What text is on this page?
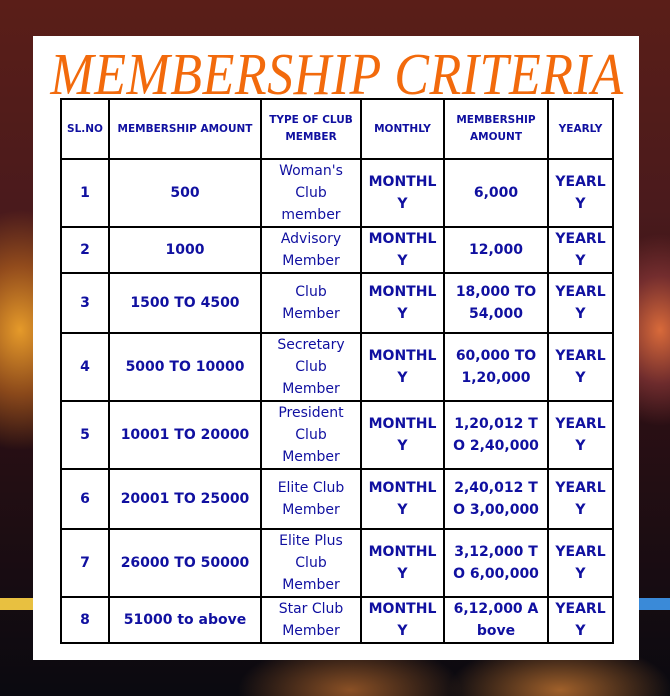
MEMBERSHIP CRITERIA
SL.NO	MEMBERSHIP AMOUNT	TYPE OF CLUB MEMBER	MONTHLY	MEMBERSHIP AMOUNT	YEARLY
1	500	Woman's Club member	MONTHLY	6,000	YEARLY
2	1000	Advisory Member	MONTHLY	12,000	YEARLY
3	1500 TO 4500	Club Member	MONTHLY	18,000 TO 54,000	YEARLY
4	5000 TO 10000	Secretary Club Member	MONTHLY	60,000 TO 1,20,000	YEARLY
5	10001 TO 20000	President Club Member	MONTHLY	1,20,012 TO 2,40,000	YEARLY
6	20001 TO 25000	Elite Club Member	MONTHLY	2,40,012 TO 3,00,000	YEARLY
7	26000 TO 50000	Elite Plus Club Member	MONTHLY	3,12,000 TO 6,00,000	YEARLY
8	51000 to above	Star Club Member	MONTHLY	6,12,000 Above	YEARLY
